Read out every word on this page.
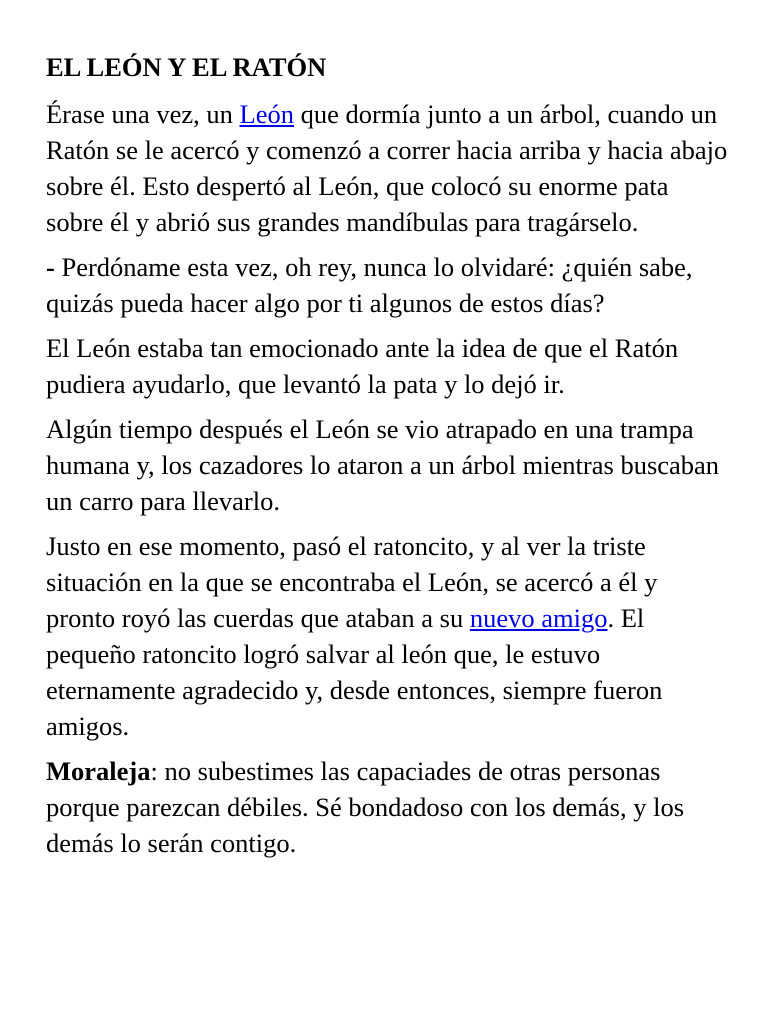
EL LEÓN Y EL RATÓN

Érase una vez, un León que dormía junto a un árbol, cuando un Ratón se le acercó y comenzó a correr hacia arriba y hacia abajo sobre él. Esto despertó al León, que colocó su enorme pata sobre él y abrió sus grandes mandíbulas para tragárselo.

- Perdóname esta vez, oh rey, nunca lo olvidaré: ¿quién sabe, quizás pueda hacer algo por ti algunos de estos días?

El León estaba tan emocionado ante la idea de que el Ratón pudiera ayudarlo, que levantó la pata y lo dejó ir.

Algún tiempo después el León se vio atrapado en una trampa humana y, los cazadores lo ataron a un árbol mientras buscaban un carro para llevarlo.

Justo en ese momento, pasó el ratoncito, y al ver la triste situación en la que se encontraba el León, se acercó a él y pronto royó las cuerdas que ataban a su nuevo amigo. El pequeño ratoncito logró salvar al león que, le estuvo eternamente agradecido y, desde entonces, siempre fueron amigos.

Moraleja: no subestimes las capaciades de otras personas porque parezcan débiles. Sé bondadoso con los demás, y los demás lo serán contigo.
